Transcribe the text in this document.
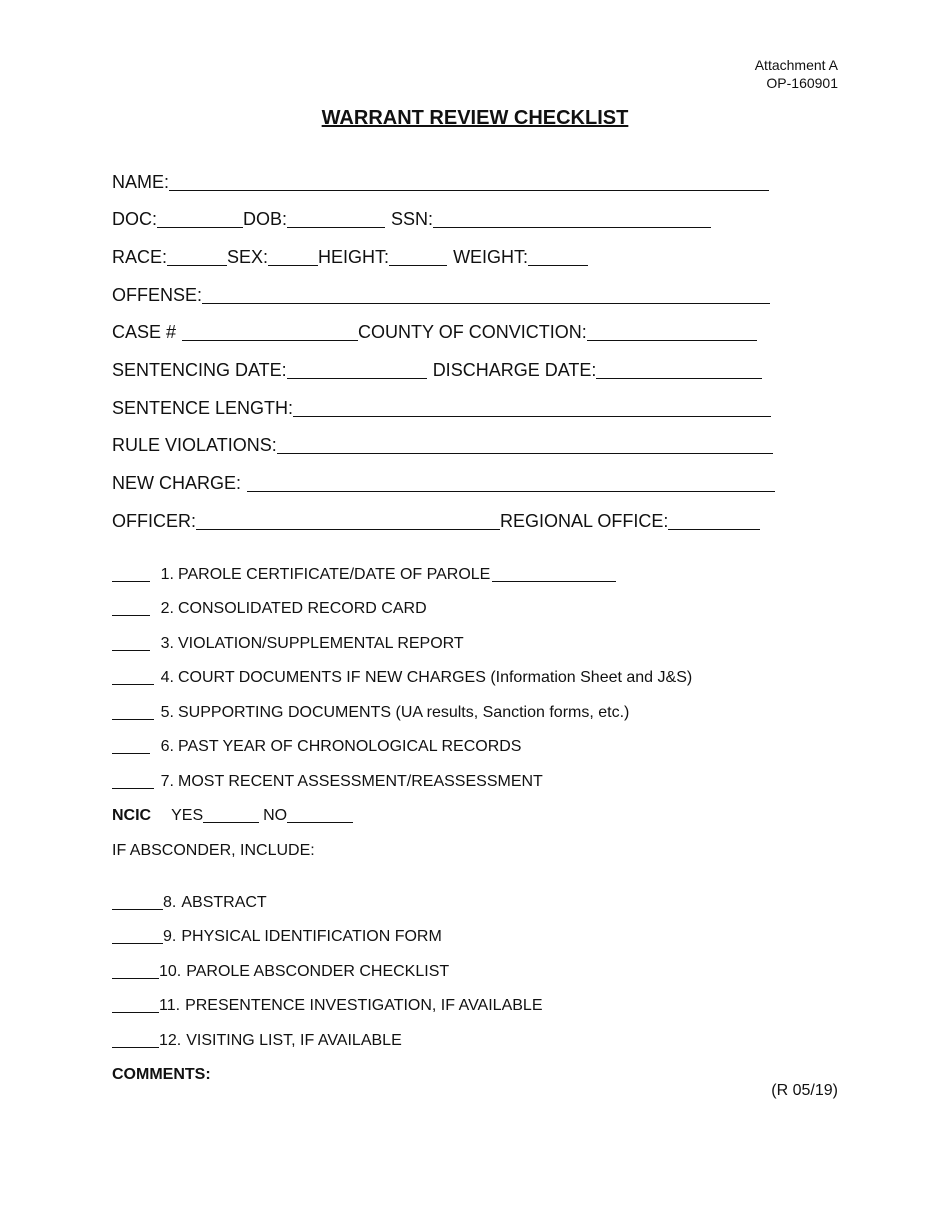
Attachment A
OP-160901
WARRANT REVIEW CHECKLIST
NAME:
DOC:	DOB:	SSN:
RACE:	SEX:	HEIGHT:	WEIGHT:
OFFENSE:
CASE #	COUNTY OF CONVICTION:
SENTENCING DATE:	DISCHARGE DATE:
SENTENCE LENGTH:
RULE VIOLATIONS:
NEW CHARGE:
OFFICER:	REGIONAL OFFICE:
1. PAROLE CERTIFICATE/DATE OF PAROLE
2. CONSOLIDATED RECORD CARD
3. VIOLATION/SUPPLEMENTAL REPORT
4. COURT DOCUMENTS IF NEW CHARGES (Information Sheet and J&S)
5. SUPPORTING DOCUMENTS (UA results, Sanction forms, etc.)
6. PAST YEAR OF CHRONOLOGICAL RECORDS
7. MOST RECENT ASSESSMENT/REASSESSMENT
NCIC YES	NO
IF ABSCONDER, INCLUDE:
8. ABSTRACT
9. PHYSICAL IDENTIFICATION FORM
10. PAROLE ABSCONDER CHECKLIST
11. PRESENTENCE INVESTIGATION, IF AVAILABLE
12. VISITING LIST, IF AVAILABLE
COMMENTS:
(R 05/19)
